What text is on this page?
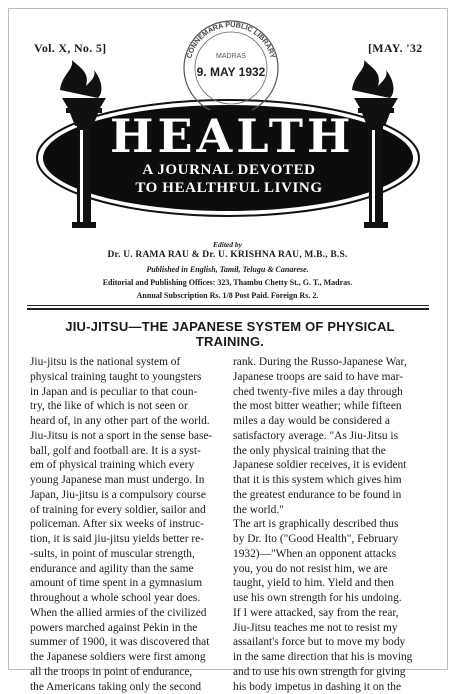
Vol. X, No. 5]	[MAY. '32
CONNEMARA PUBLIC LIBRARY
MADRAS
9. MAY 1932
HEALTH
A JOURNAL DEVOTED
TO HEALTHFUL LIVING
Edited by
Dr. U. RAMA RAU & Dr. U. KRISHNA RAU, M.B., B.S.
Published in English, Tamil, Telugu & Canarese.
Editorial and Publishing Offices: 323, Thambu Chetty St., G. T., Madras.
Annual Subscription Rs. 1/8 Post Paid. Foreign Rs. 2.
JIU-JITSU—THE JAPANESE SYSTEM OF PHYSICAL
TRAINING.
Jiu-jitsu is the national system of
physical training taught to youngsters
in Japan and is peculiar to that coun-
try, the like of which is not seen or
heard of, in any other part of the world.
Jiu-Jitsu is not a sport in the sense base-
ball, golf and football are. It is a syst-
em of physical training which every
young Japanese man must undergo. In
Japan, Jiu-jitsu is a compulsory course
of training for every soldier, sailor and
policeman. After six weeks of instruc-
tion, it is said jiu-jitsu yields better re-
-sults, in point of muscular strength,
endurance and agility than the same
amount of time spent in a gymnasium
throughout a whole school year does.
When the allied armies of the civilized
powers marched against Pekin in the
summer of 1900, it was discovered that
the Japanese soldiers were first among
all the troops in point of endurance,
the Americans taking only the second
rank. During the Russo-Japanese War,
Japanese troops are said to have mar-
ched twenty-five miles a day through
the most bitter weather; while fifteen
miles a day would be considered a
satisfactory average. "As Jiu-Jitsu is
the only physical training that the
Japanese soldier receives, it is evident
that it is this system which gives him
the greatest endurance to be found in
the world."
The art is graphically described thus
by Dr. Ito ("Good Health", February
1932)—"When an opponent attacks
you, you do not resist him, we are
taught, yield to him. Yield and then
use his own strength for his undoing.
If I were attacked, say from the rear,
Jiu-Jitsu teaches me not to resist my
assailant's force but to move my body
in the same direction that his is moving
and to use his own strength for giving
his body impetus in dashing it on the
